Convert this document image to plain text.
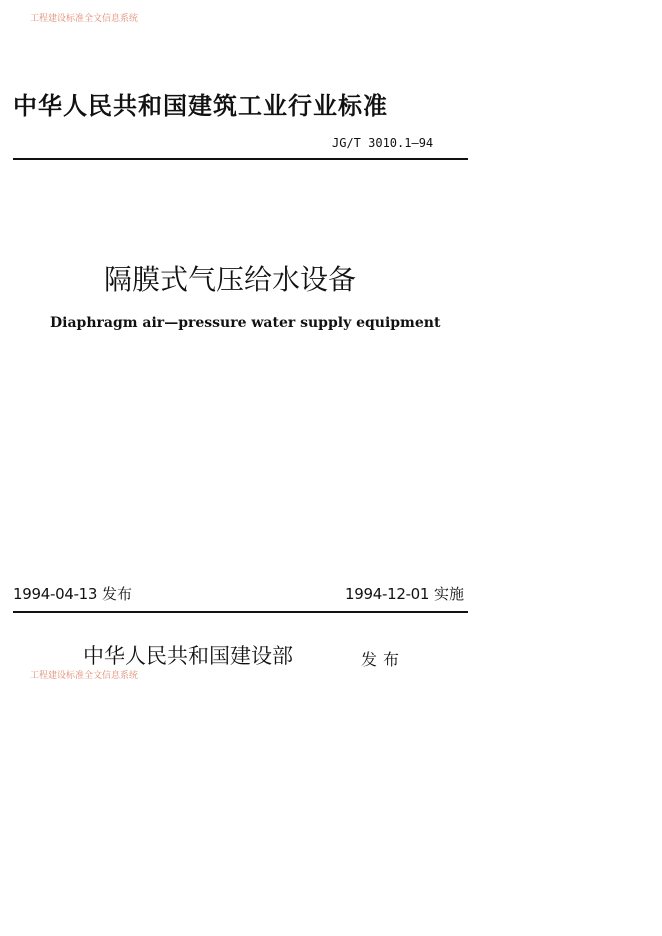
工程建设标准全文信息系统
中华人民共和国建筑工业行业标准
JG/T 3010.1—94
隔膜式气压给水设备
Diaphragm air—pressure water supply equipment
1994-04-13 发布	1994-12-01 实施
中华人民共和国建设部	发布
工程建设标准全文信息系统
